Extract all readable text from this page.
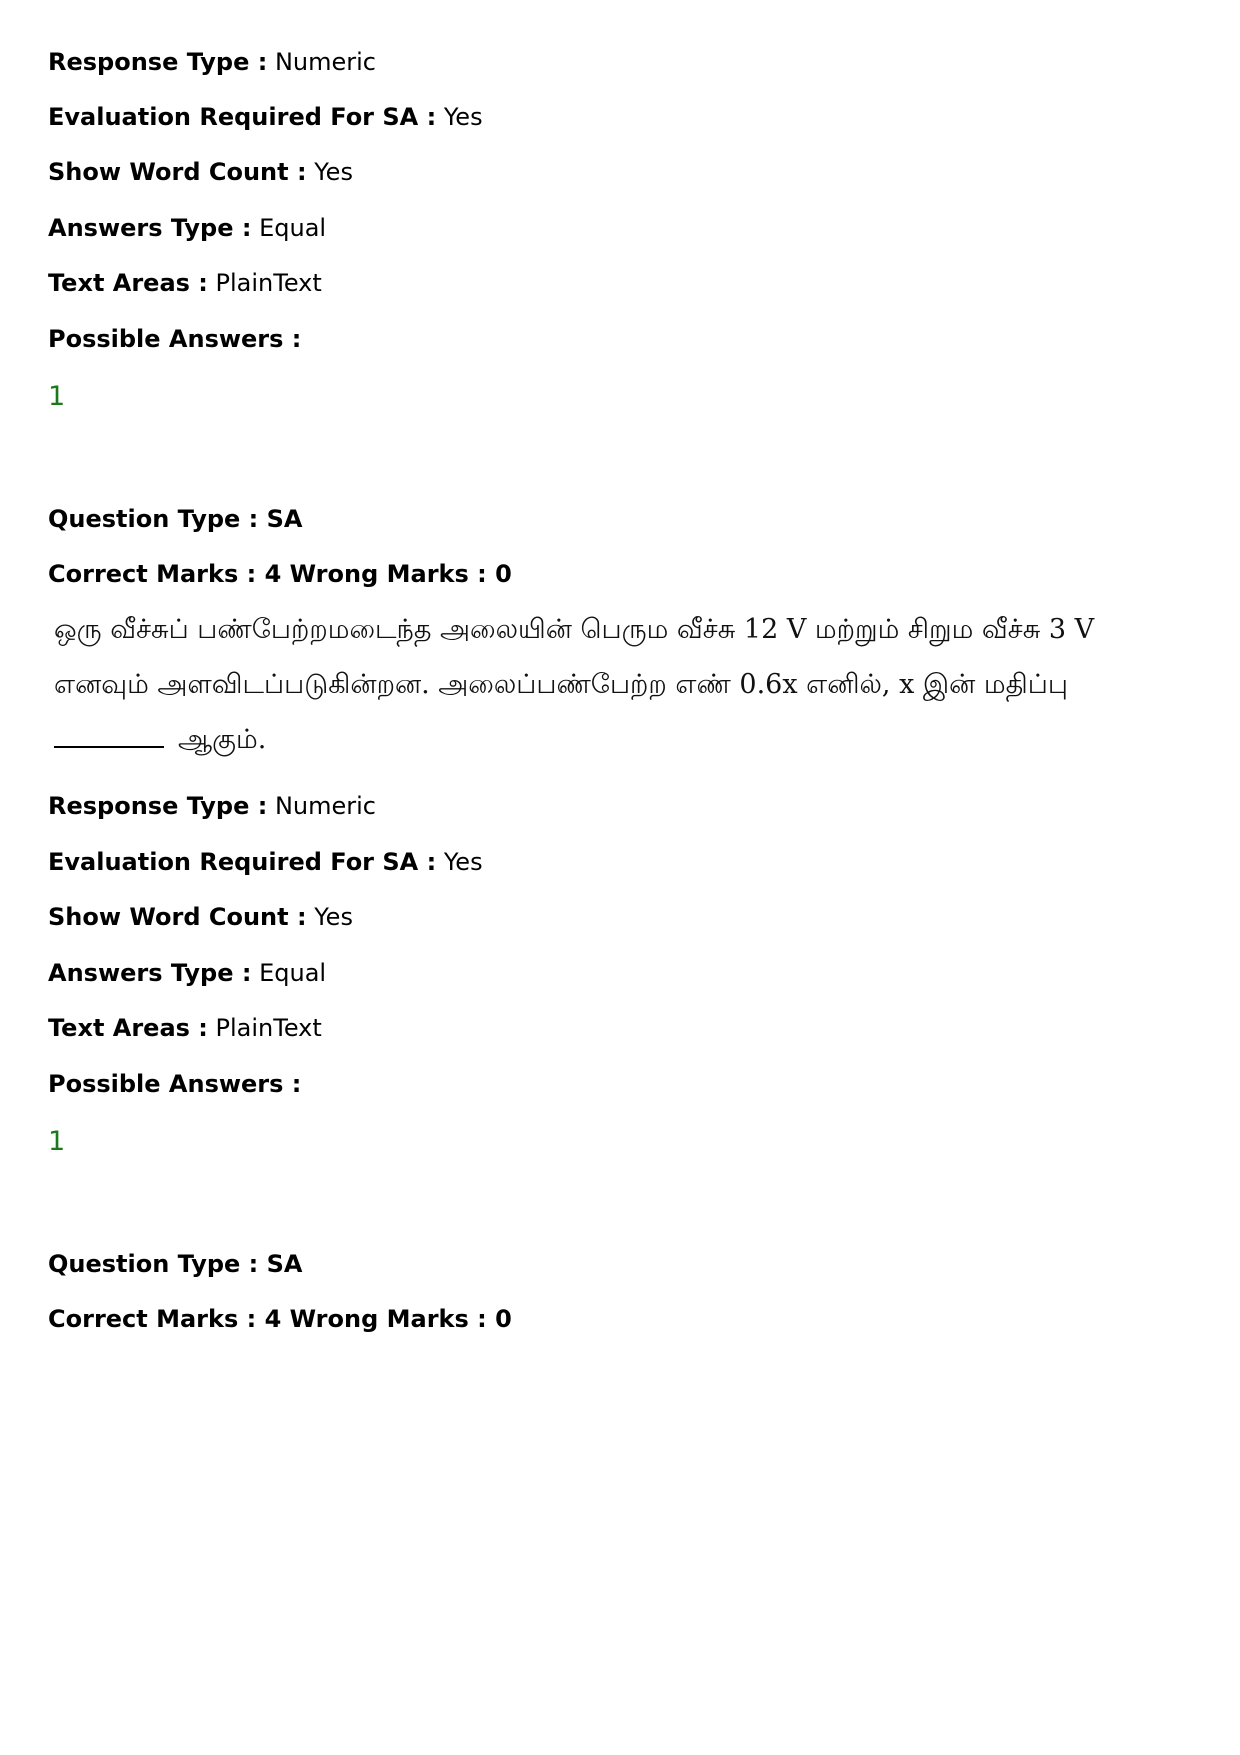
Response Type : Numeric
Evaluation Required For SA : Yes
Show Word Count : Yes
Answers Type : Equal
Text Areas : PlainText
Possible Answers :
1
Question Type : SA
Correct Marks : 4 Wrong Marks : 0
ஒரு வீச்சுப் பண்பேற்றமடைந்த அலையின் பெரும வீச்சு 12 V மற்றும் சிறும வீச்சு 3 V
எனவும் அளவிடப்படுகின்றன. அலைப்பண்பேற்ற எண் 0.6x எனில், x இன் மதிப்பு
ஆகும்.
Response Type : Numeric
Evaluation Required For SA : Yes
Show Word Count : Yes
Answers Type : Equal
Text Areas : PlainText
Possible Answers :
1
Question Type : SA
Correct Marks : 4 Wrong Marks : 0
